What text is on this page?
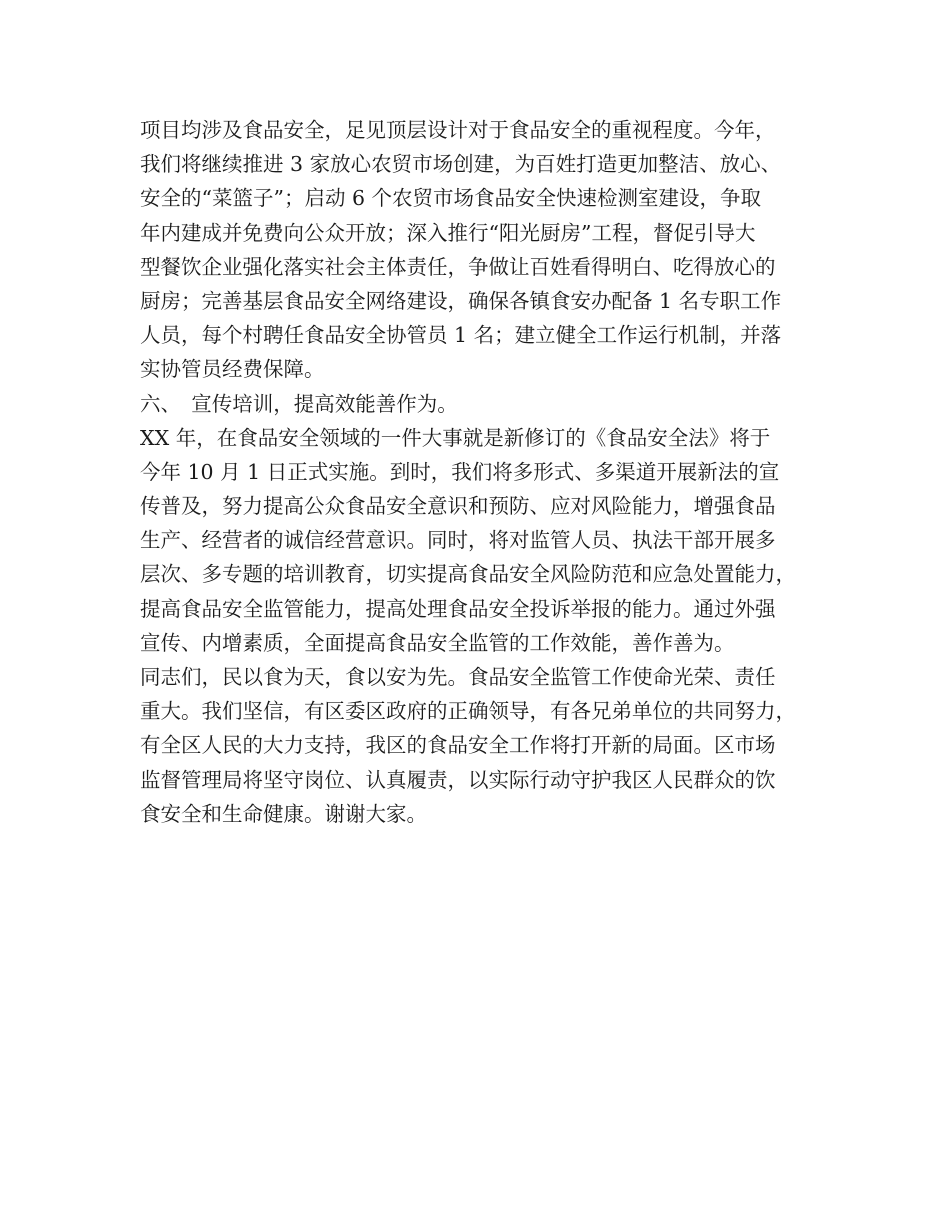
项目均涉及食品安全，足见顶层设计对于食品安全的重视程度。今年，
我们将继续推进 3 家放心农贸市场创建，为百姓打造更加整洁、放心、
安全的“菜篮子”；启动 6 个农贸市场食品安全快速检测室建设，争取
年内建成并免费向公众开放；深入推行“阳光厨房”工程，督促引导大
型餐饮企业强化落实社会主体责任，争做让百姓看得明白、吃得放心的
厨房；完善基层食品安全网络建设，确保各镇食安办配备 1 名专职工作
人员，每个村聘任食品安全协管员 1 名；建立健全工作运行机制，并落
实协管员经费保障。
六、　宣传培训，提高效能善作为。
XX 年，在食品安全领域的一件大事就是新修订的《食品安全法》将于
今年 10 月 1 日正式实施。到时，我们将多形式、多渠道开展新法的宣
传普及，努力提高公众食品安全意识和预防、应对风险能力，增强食品
生产、经营者的诚信经营意识。同时，将对监管人员、执法干部开展多
层次、多专题的培训教育，切实提高食品安全风险防范和应急处置能力，
提高食品安全监管能力，提高处理食品安全投诉举报的能力。通过外强
宣传、内增素质，全面提高食品安全监管的工作效能，善作善为。
同志们，民以食为天，食以安为先。食品安全监管工作使命光荣、责任
重大。我们坚信，有区委区政府的正确领导，有各兄弟单位的共同努力，
有全区人民的大力支持，我区的食品安全工作将打开新的局面。区市场
监督管理局将坚守岗位、认真履责，以实际行动守护我区人民群众的饮
食安全和生命健康。谢谢大家。
